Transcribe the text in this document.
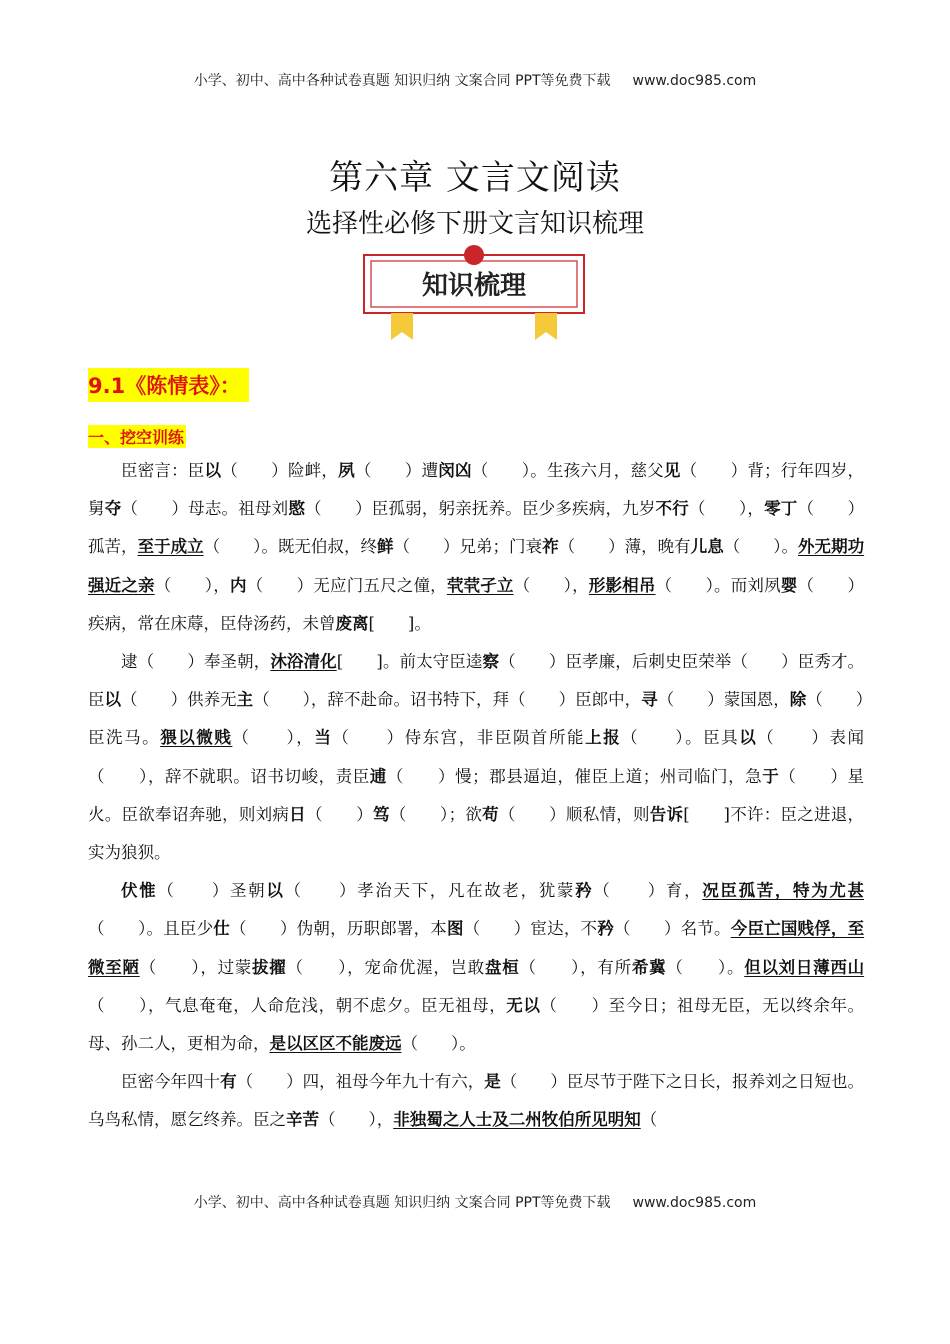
小学、初中、高中各种试卷真题 知识归纳 文案合同 PPT等免费下载 www.doc985.com
第六章 文言文阅读
选择性必修下册文言知识梳理
知识梳理
9.1《陈情表》：
一、挖空训练

臣密言：臣以（　　）险衅，夙（　　）遭闵凶（　　）。生孩六月，慈父见（　　）背；行年四岁，舅夺（　　）母志。祖母刘愍（　　）臣孤弱，躬亲抚养。臣少多疾病，九岁不行（　　），零丁（　　）孤苦，至于成立（　　）。既无伯叔，终鲜（　　）兄弟；门衰祚（　　）薄，晚有儿息（　　）。外无期功强近之亲（　　），内（　　）无应门五尺之僮，茕茕孑立（　　），形影相吊（　　）。而刘夙婴（　　）疾病，常在床蓐，臣侍汤药，未曾废离[　　]。

逮（　　）奉圣朝，沐浴清化[　　]。前太守臣逵察（　　）臣孝廉，后刺史臣荣举（　　）臣秀才。臣以（　　）供养无主（　　），辞不赴命。诏书特下，拜（　　）臣郎中，寻（　　）蒙国恩，除（　　）臣洗马。猥以微贱（　　），当（　　）侍东宫，非臣陨首所能上报（　　）。臣具以（　　）表闻（　　），辞不就职。诏书切峻，责臣逋（　　）慢；郡县逼迫，催臣上道；州司临门，急于（　　）星火。臣欲奉诏奔驰，则刘病日（　　）笃（　　）；欲苟（　　）顺私情，则告诉[　　]不许：臣之进退，实为狼狈。

伏惟（　　）圣朝以（　　）孝治天下，凡在故老，犹蒙矜（　　）育，况臣孤苦，特为尤甚（　　）。且臣少仕（　　）伪朝，历职郎署，本图（　　）宦达，不矜（　　）名节。今臣亡国贱俘，至微至陋（　　），过蒙拔擢（　　），宠命优渥，岂敢盘桓（　　），有所希冀（　　）。但以刘日薄西山（　　），气息奄奄，人命危浅，朝不虑夕。臣无祖母，无以（　　）至今日；祖母无臣，无以终余年。母、孙二人，更相为命，是以区区不能废远（　　）。

臣密今年四十有（　　）四，祖母今年九十有六，是（　　）臣尽节于陛下之日长，报养刘之日短也。乌鸟私情，愿乞终养。臣之辛苦（　　），非独蜀之人士及二州牧伯所见明知（

小学、初中、高中各种试卷真题 知识归纳 文案合同 PPT等免费下载 www.doc985.com
